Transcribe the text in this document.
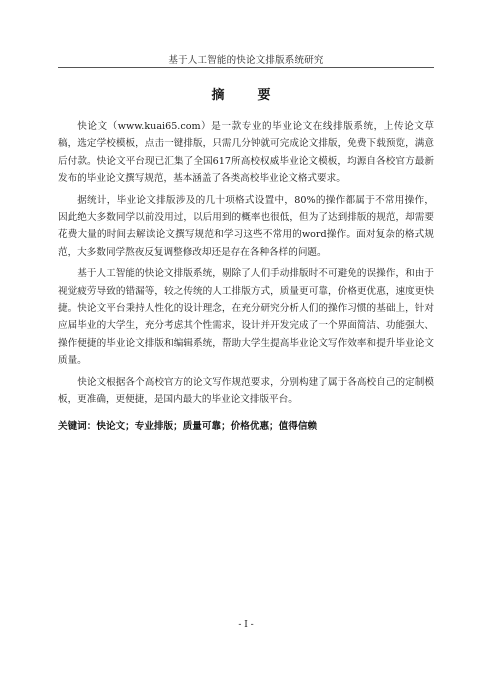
基于人工智能的快论文排版系统研究
摘　要

快论文（www.kuai65.com）是一款专业的毕业论文在线排版系统，上传论文草稿，选定学校模板，点击一键排版，只需几分钟就可完成论文排版，免费下载预览，满意后付款。快论文平台现已汇集了全国617所高校权威毕业论文模板，均源自各校官方最新发布的毕业论文撰写规范，基本涵盖了各类高校毕业论文格式要求。

据统计，毕业论文排版涉及的几十项格式设置中，80%的操作都属于不常用操作，因此绝大多数同学以前没用过，以后用到的概率也很低，但为了达到排版的规范，却需要花费大量的时间去解读论文撰写规范和学习这些不常用的word操作。面对复杂的格式规范，大多数同学熬夜反复调整修改却还是存在各种各样的问题。

基于人工智能的快论文排版系统，剔除了人们手动排版时不可避免的误操作，和由于视觉疲劳导致的错漏等，较之传统的人工排版方式，质量更可靠，价格更优惠，速度更快捷。快论文平台秉持人性化的设计理念，在充分研究分析人们的操作习惯的基础上，针对应届毕业的大学生，充分考虑其个性需求，设计并开发完成了一个界面简洁、功能强大、操作便捷的毕业论文排版和编辑系统，帮助大学生提高毕业论文写作效率和提升毕业论文质量。

快论文根据各个高校官方的论文写作规范要求，分别构建了属于各高校自己的定制模板，更准确，更便捷，是国内最大的毕业论文排版平台。

关键词：快论文；专业排版；质量可靠；价格优惠；值得信赖
- I -
